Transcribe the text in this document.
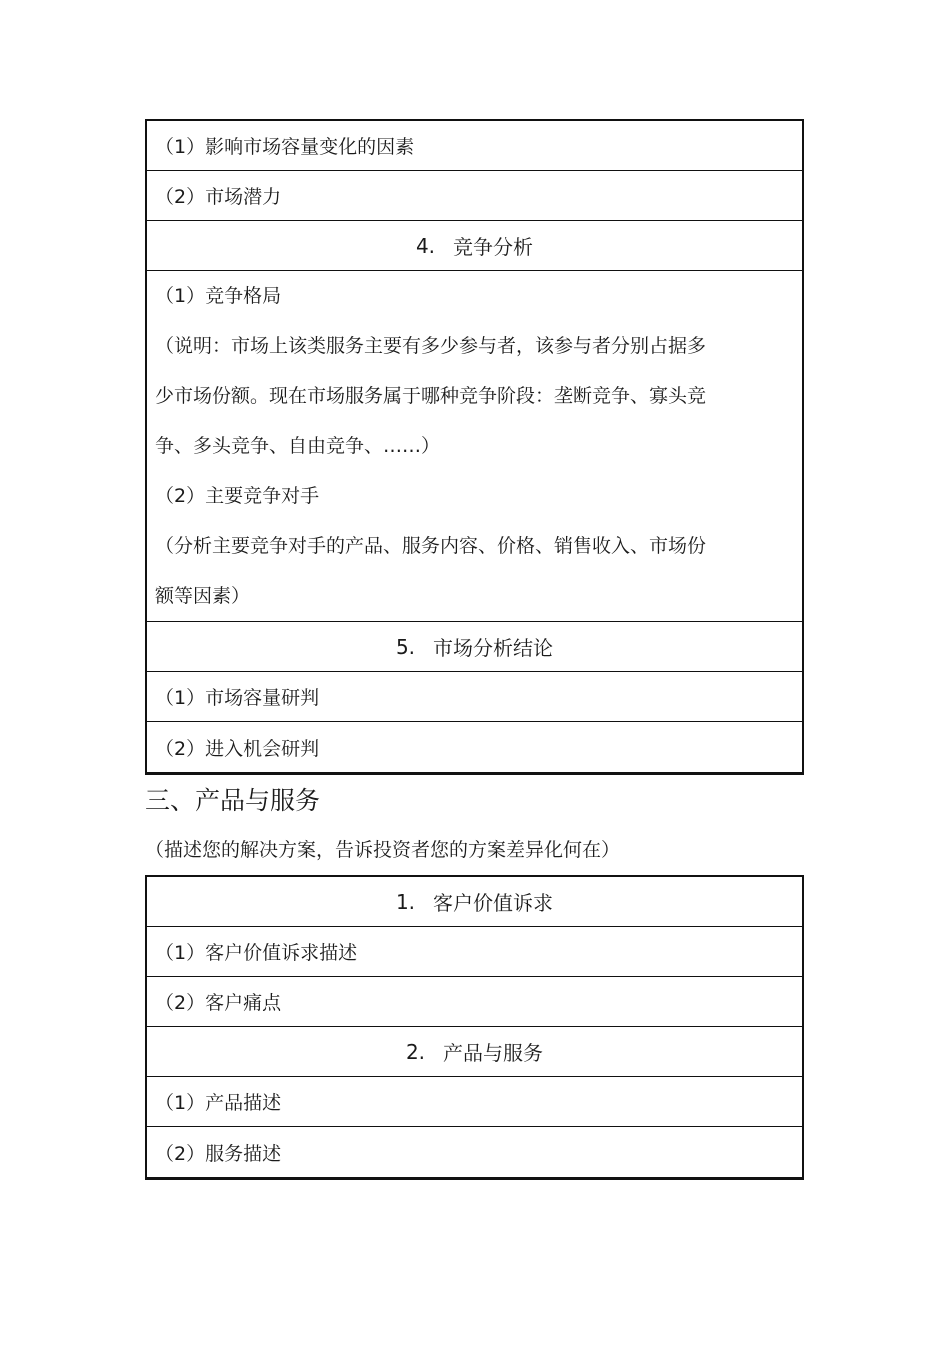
（1）影响市场容量变化的因素
（2）市场潜力
4. 竞争分析
（1）竞争格局
（说明：市场上该类服务主要有多少参与者，该参与者分别占据多
少市场份额。现在市场服务属于哪种竞争阶段：垄断竞争、寡头竞
争、多头竞争、自由竞争、……）
（2）主要竞争对手
（分析主要竞争对手的产品、服务内容、价格、销售收入、市场份
额等因素）
5. 市场分析结论
（1）市场容量研判
（2）进入机会研判
三、产品与服务
（描述您的解决方案，告诉投资者您的方案差异化何在）
1. 客户价值诉求
（1）客户价值诉求描述
（2）客户痛点
2. 产品与服务
（1）产品描述
（2）服务描述
